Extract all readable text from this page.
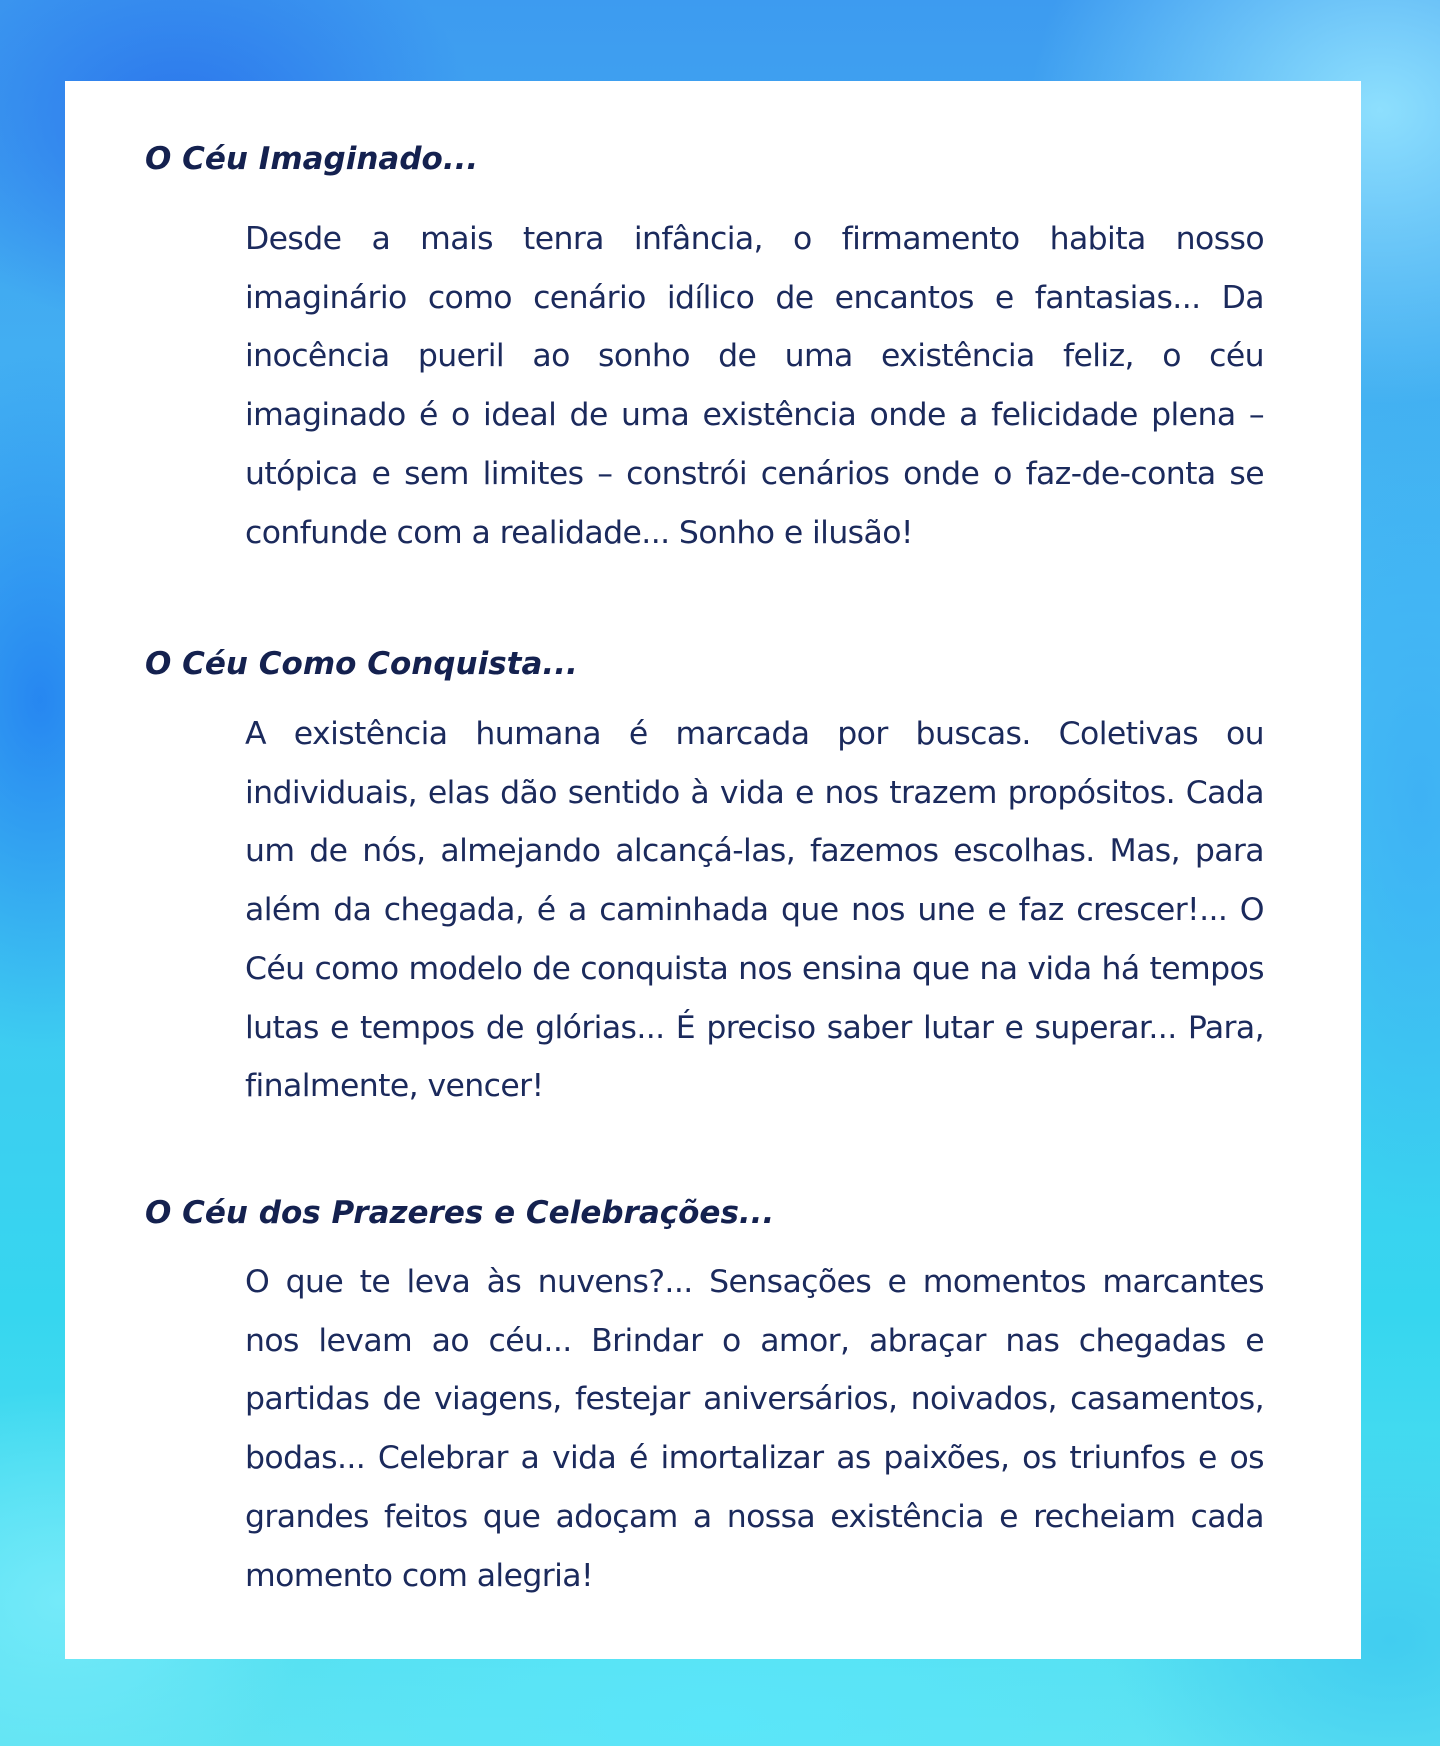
O Céu Imaginado...

Desde a mais tenra infância, o firmamento habita nosso imaginário como cenário idílico de encantos e fantasias... Da inocência pueril ao sonho de uma existência feliz, o céu imaginado é o ideal de uma existência onde a felicidade plena – utópica e sem limites – constrói cenários onde o faz-de-conta se confunde com a realidade... Sonho e ilusão!

O Céu Como Conquista...

A existência humana é marcada por buscas. Coletivas ou individuais, elas dão sentido à vida e nos trazem propósitos. Cada um de nós, almejando alcançá-las, fazemos escolhas. Mas, para além da chegada, é a caminhada que nos une e faz crescer!... O Céu como modelo de conquista nos ensina que na vida há tempos lutas e tempos de glórias... É preciso saber lutar e superar... Para, finalmente, vencer!

O Céu dos Prazeres e Celebrações...

O que te leva às nuvens?... Sensações e momentos marcantes nos levam ao céu... Brindar o amor, abraçar nas chegadas e partidas de viagens, festejar aniversários, noivados, casamentos, bodas... Celebrar a vida é imortalizar as paixões, os triunfos e os grandes feitos que adoçam a nossa existência e recheiam cada momento com alegria!
